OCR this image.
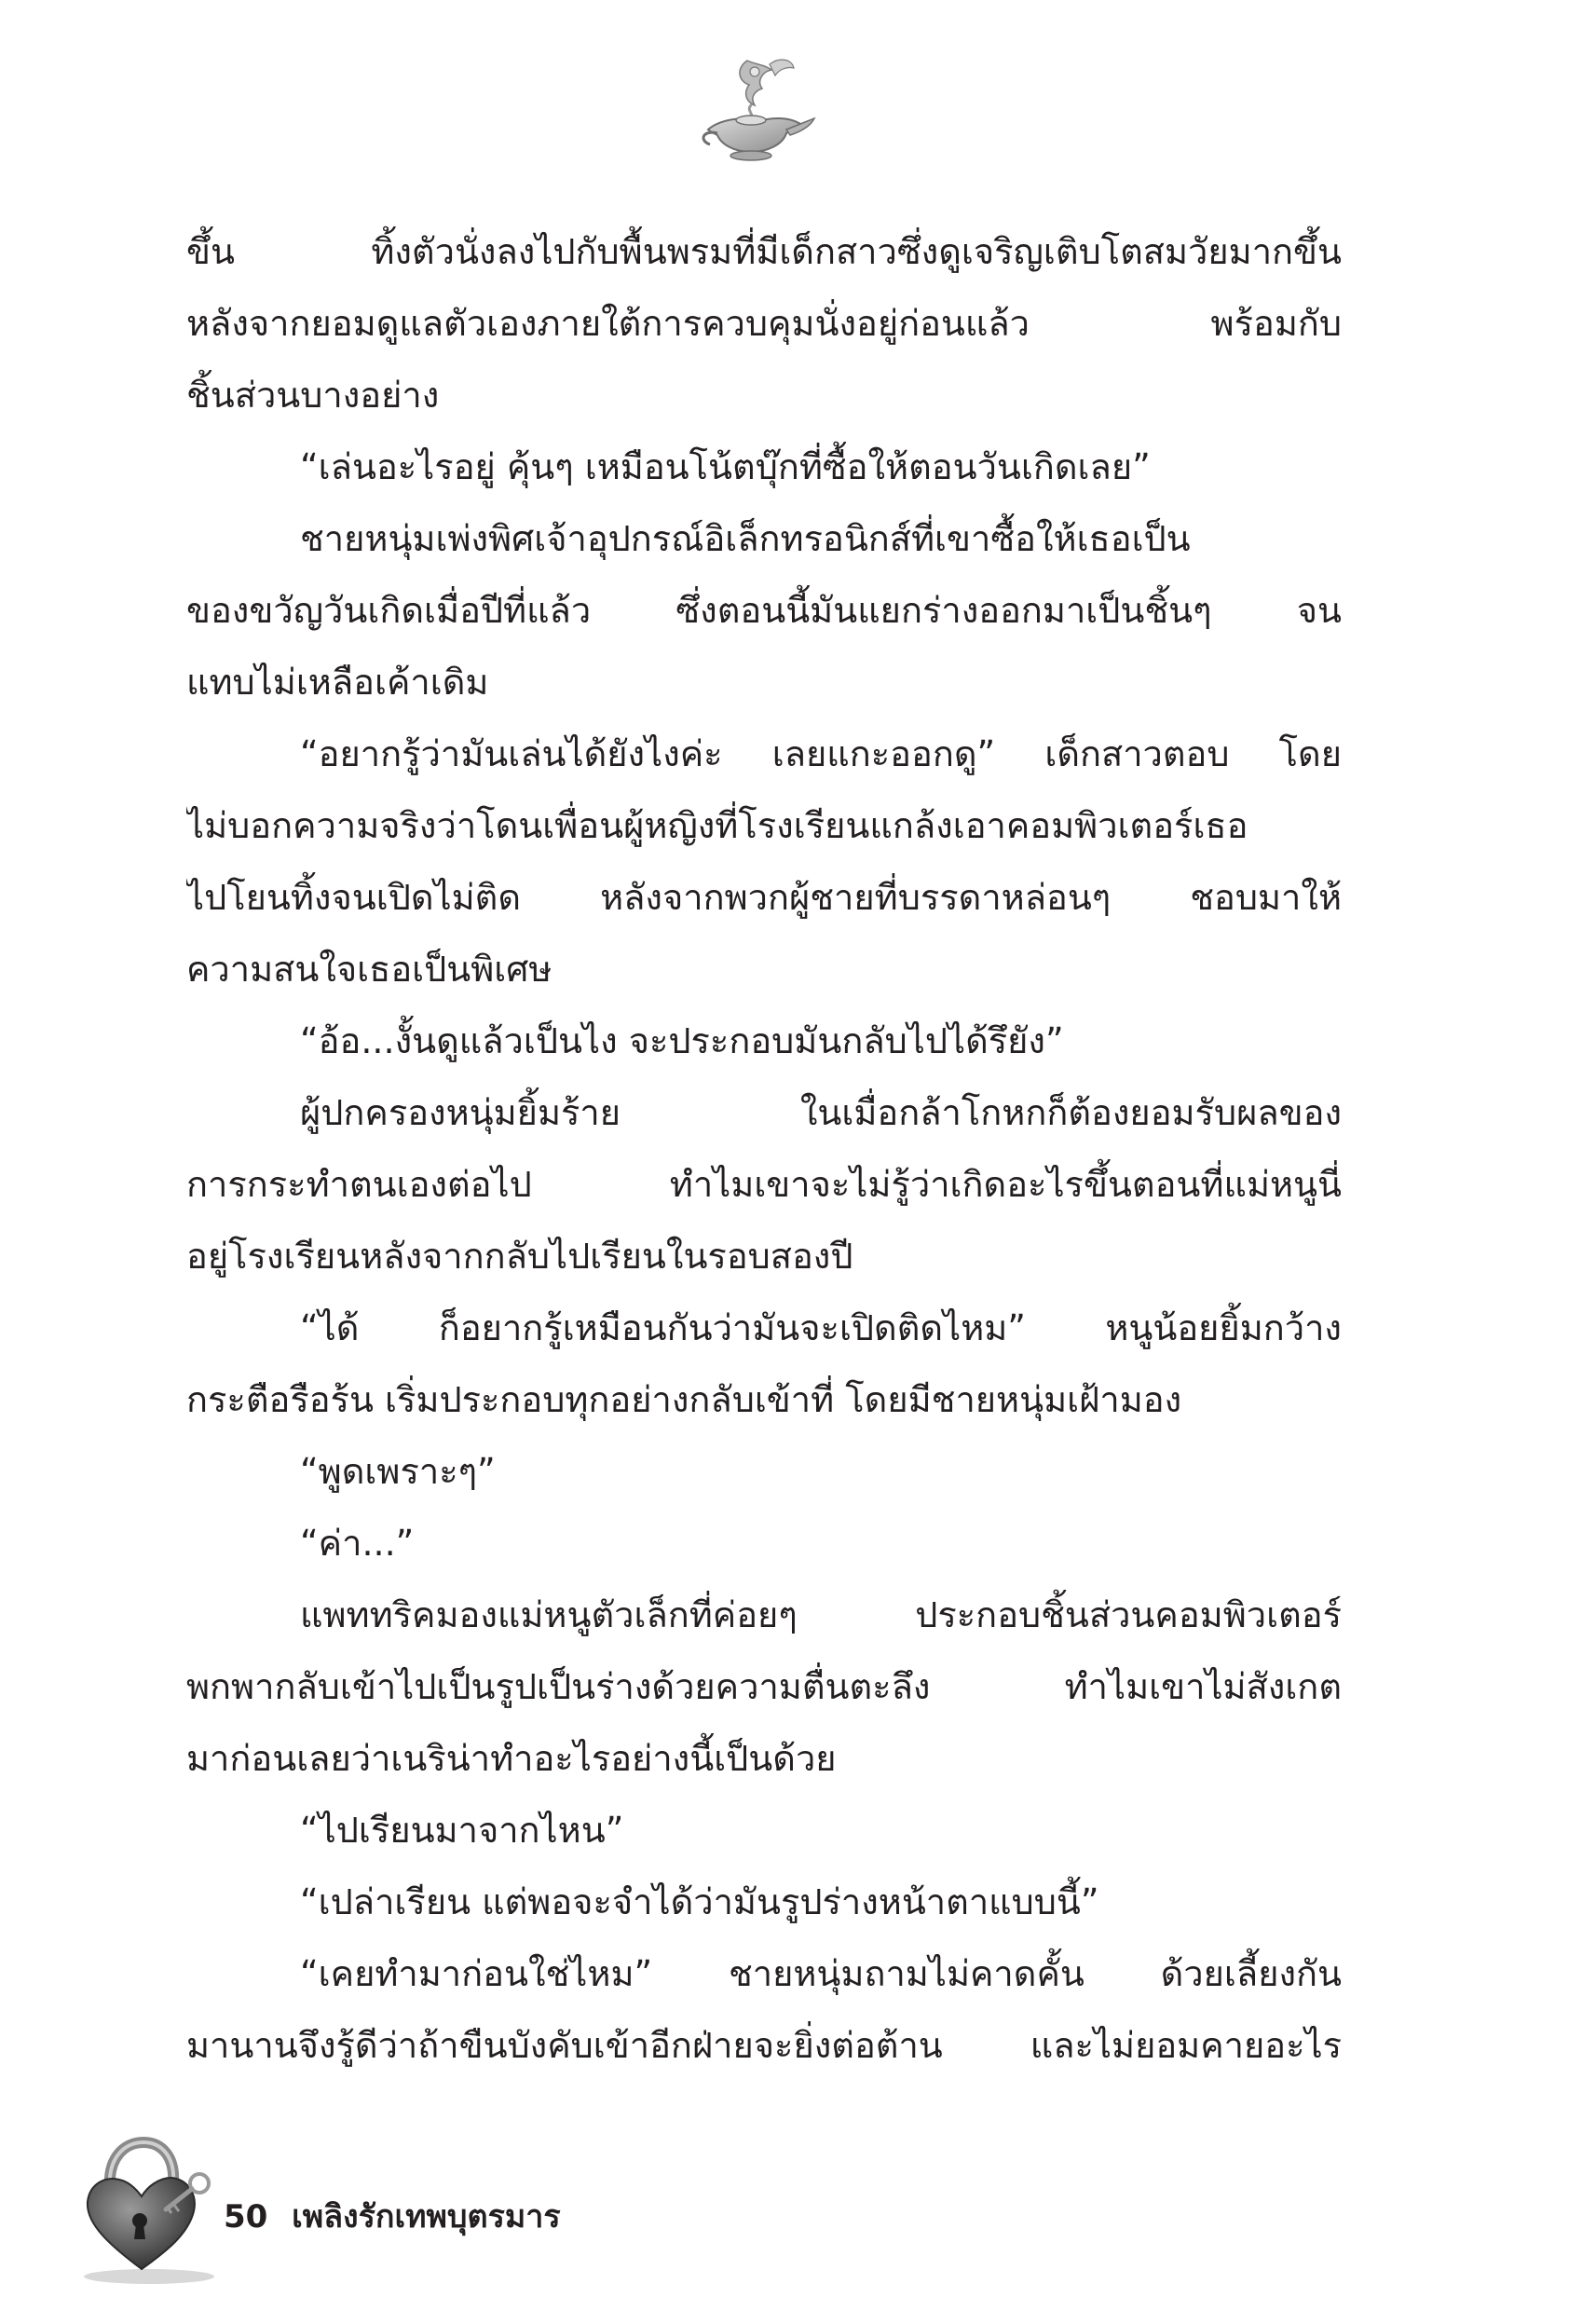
ขึ้น ทิ้งตัวนั่งลงไปกับพื้นพรมที่มีเด็กสาวซึ่งดูเจริญเติบโตสมวัยมากขึ้น

หลังจากยอมดูแลตัวเองภายใต้การควบคุมนั่งอยู่ก่อนแล้ว พร้อมกับ

ชิ้นส่วนบางอย่าง

“เล่นอะไรอยู่ คุ้นๆ เหมือนโน้ตบุ๊กที่ซื้อให้ตอนวันเกิดเลย”

ชายหนุ่มเพ่งพิศเจ้าอุปกรณ์อิเล็กทรอนิกส์ที่เขาซื้อให้เธอเป็น

ของขวัญวันเกิดเมื่อปีที่แล้ว ซึ่งตอนนี้มันแยกร่างออกมาเป็นชิ้นๆ จน

แทบไม่เหลือเค้าเดิม

“อยากรู้ว่ามันเล่นได้ยังไงค่ะ เลยแกะออกดู” เด็กสาวตอบ โดย

ไม่บอกความจริงว่าโดนเพื่อนผู้หญิงที่โรงเรียนแกล้งเอาคอมพิวเตอร์เธอ

ไปโยนทิ้งจนเปิดไม่ติด หลังจากพวกผู้ชายที่บรรดาหล่อนๆ ชอบมาให้

ความสนใจเธอเป็นพิเศษ

“อ้อ...งั้นดูแล้วเป็นไง จะประกอบมันกลับไปได้รึยัง”

ผู้ปกครองหนุ่มยิ้มร้าย ในเมื่อกล้าโกหกก็ต้องยอมรับผลของ

การกระทำตนเองต่อไป ทำไมเขาจะไม่รู้ว่าเกิดอะไรขึ้นตอนที่แม่หนูนี่

อยู่โรงเรียนหลังจากกลับไปเรียนในรอบสองปี

“ได้ ก็อยากรู้เหมือนกันว่ามันจะเปิดติดไหม” หนูน้อยยิ้มกว้าง

กระตือรือร้น เริ่มประกอบทุกอย่างกลับเข้าที่ โดยมีชายหนุ่มเฝ้ามอง

“พูดเพราะๆ”

“ค่า...”

แพททริคมองแม่หนูตัวเล็กที่ค่อยๆ ประกอบชิ้นส่วนคอมพิวเตอร์

พกพากลับเข้าไปเป็นรูปเป็นร่างด้วยความตื่นตะลึง ทำไมเขาไม่สังเกต

มาก่อนเลยว่าเนริน่าทำอะไรอย่างนี้เป็นด้วย

“ไปเรียนมาจากไหน”

“เปล่าเรียน แต่พอจะจำได้ว่ามันรูปร่างหน้าตาแบบนี้”

“เคยทำมาก่อนใช่ไหม” ชายหนุ่มถามไม่คาดคั้น ด้วยเลี้ยงกัน

มานานจึงรู้ดีว่าถ้าขืนบังคับเข้าอีกฝ่ายจะยิ่งต่อต้าน และไม่ยอมคายอะไร

50 เพลิงรักเทพบุตรมาร
